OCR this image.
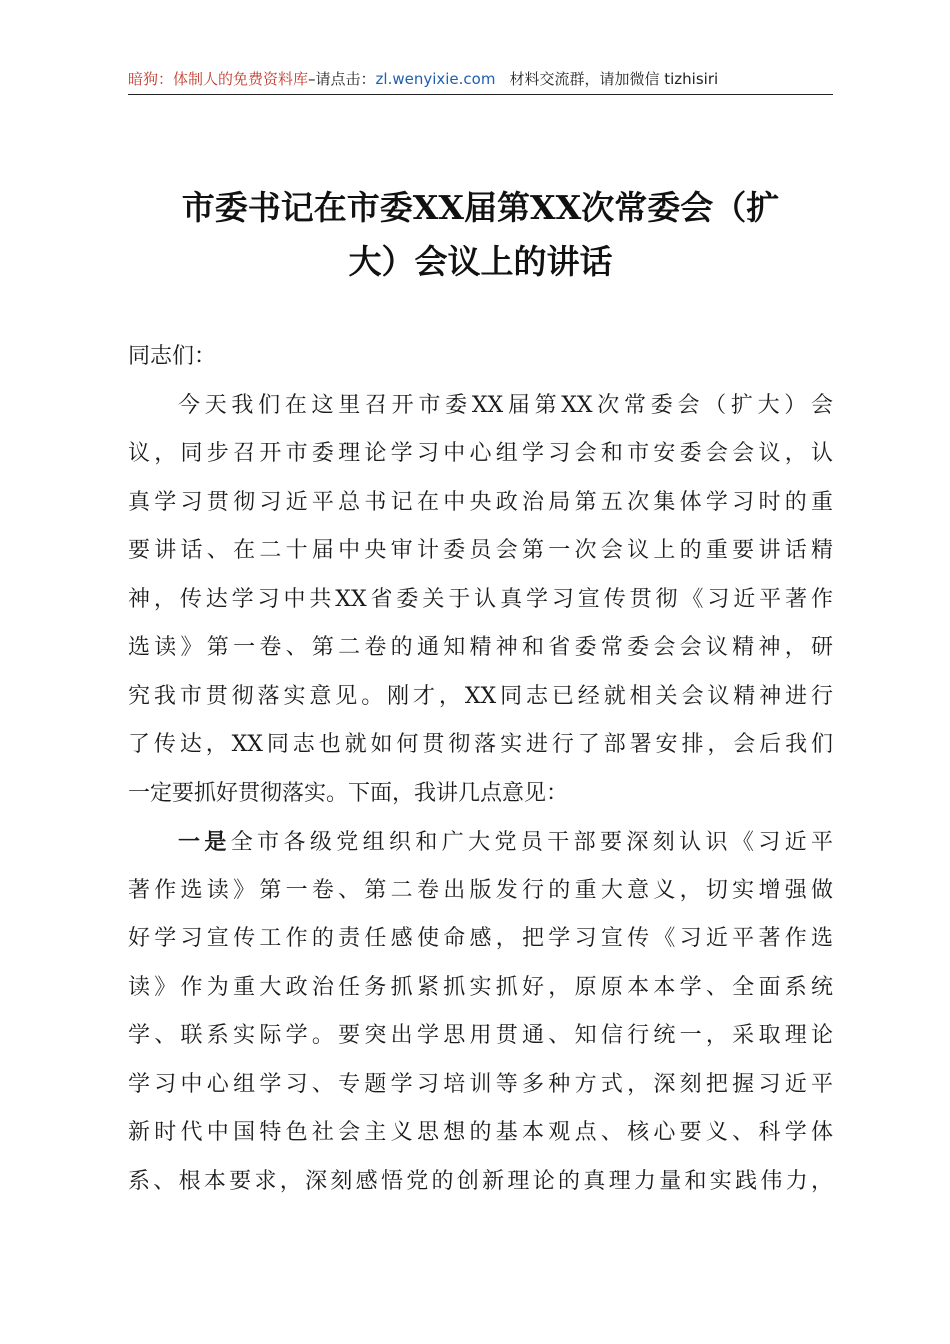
暗狗：体制人的免费资料库–请点击：zl.wenyixie.com 材料交流群，请加微信 tizhisiri
市委书记在市委XX届第XX次常委会（扩
大）会议上的讲话
同志们：
今天我们在这里召开市委XX届第XX次常委会（扩大）会
议，同步召开市委理论学习中心组学习会和市安委会会议，认
真学习贯彻习近平总书记在中央政治局第五次集体学习时的重
要讲话、在二十届中央审计委员会第一次会议上的重要讲话精
神，传达学习中共XX省委关于认真学习宣传贯彻《习近平著作
选读》第一卷、第二卷的通知精神和省委常委会会议精神，研
究我市贯彻落实意见。刚才，XX同志已经就相关会议精神进行
了传达，XX同志也就如何贯彻落实进行了部署安排，会后我们
一定要抓好贯彻落实。下面，我讲几点意见：
一是全市各级党组织和广大党员干部要深刻认识《习近平
著作选读》第一卷、第二卷出版发行的重大意义，切实增强做
好学习宣传工作的责任感使命感，把学习宣传《习近平著作选
读》作为重大政治任务抓紧抓实抓好，原原本本学、全面系统
学、联系实际学。要突出学思用贯通、知信行统一，采取理论
学习中心组学习、专题学习培训等多种方式，深刻把握习近平
新时代中国特色社会主义思想的基本观点、核心要义、科学体
系、根本要求，深刻感悟党的创新理论的真理力量和实践伟力，
